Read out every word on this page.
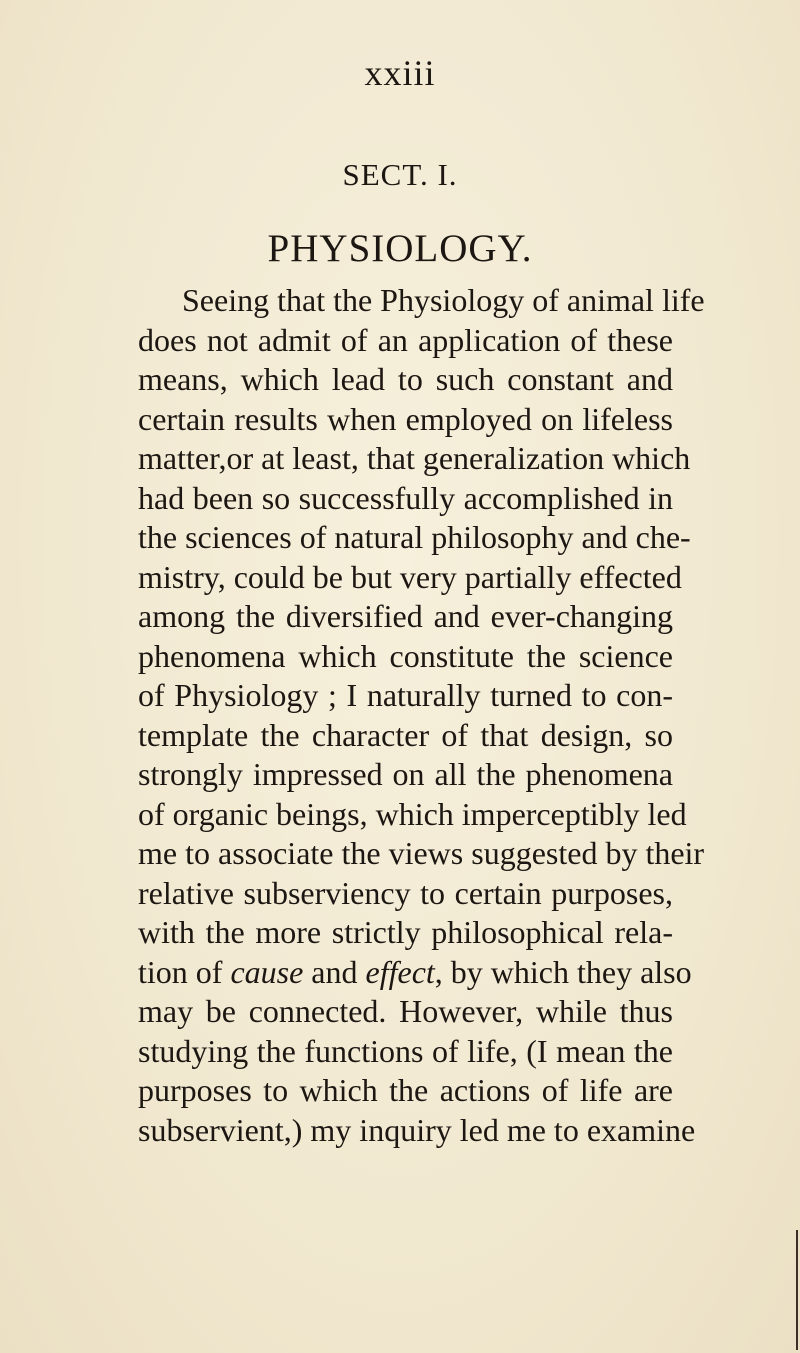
xxiii
SECT. I.
PHYSIOLOGY.
Seeing that the Physiology of animal life
does not admit of an application of these
means, which lead to such constant and
certain results when employed on lifeless
matter,or at least, that generalization which
had been so successfully accomplished in
the sciences of natural philosophy and che-
mistry, could be but very partially effected
among the diversified and ever-changing
phenomena which constitute the science
of Physiology ; I naturally turned to con-
template the character of that design, so
strongly impressed on all the phenomena
of organic beings, which imperceptibly led
me to associate the views suggested by their
relative subserviency to certain purposes,
with the more strictly philosophical rela-
tion of cause and effect, by which they also
may be connected. However, while thus
studying the functions of life, (I mean the
purposes to which the actions of life are
subservient,) my inquiry led me to examine
